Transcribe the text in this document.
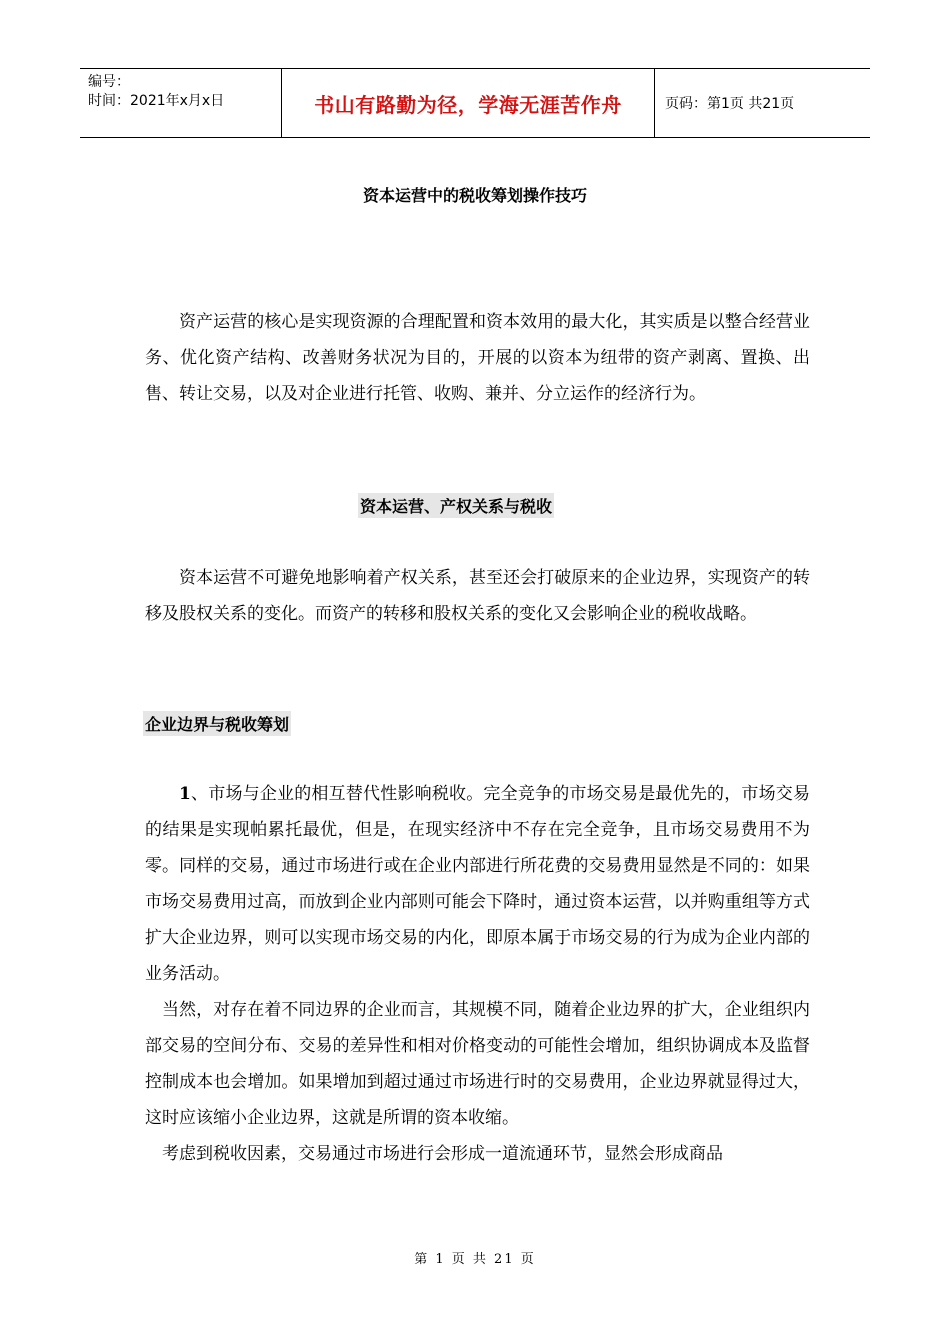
编号：
时间：2021年x月x日	书山有路勤为径，学海无涯苦作舟	页码：第1页 共21页
资本运营中的税收筹划操作技巧

资产运营的核心是实现资源的合理配置和资本效用的最大化，其实质是以整合经营业务、优化资产结构、改善财务状况为目的，开展的以资本为纽带的资产剥离、置换、出售、转让交易，以及对企业进行托管、收购、兼并、分立运作的经济行为。

资本运营、产权关系与税收

资本运营不可避免地影响着产权关系，甚至还会打破原来的企业边界，实现资产的转移及股权关系的变化。而资产的转移和股权关系的变化又会影响企业的税收战略。

企业边界与税收筹划

1、市场与企业的相互替代性影响税收。完全竞争的市场交易是最优先的，市场交易的结果是实现帕累托最优，但是，在现实经济中不存在完全竞争，且市场交易费用不为零。同样的交易，通过市场进行或在企业内部进行所花费的交易费用显然是不同的：如果市场交易费用过高，而放到企业内部则可能会下降时，通过资本运营，以并购重组等方式扩大企业边界，则可以实现市场交易的内化，即原本属于市场交易的行为成为企业内部的业务活动。

当然，对存在着不同边界的企业而言，其规模不同，随着企业边界的扩大，企业组织内部交易的空间分布、交易的差异性和相对价格变动的可能性会增加，组织协调成本及监督控制成本也会增加。如果增加到超过通过市场进行时的交易费用，企业边界就显得过大，这时应该缩小企业边界，这就是所谓的资本收缩。

考虑到税收因素，交易通过市场进行会形成一道流通环节，显然会形成商品

第 1 页 共 21 页
